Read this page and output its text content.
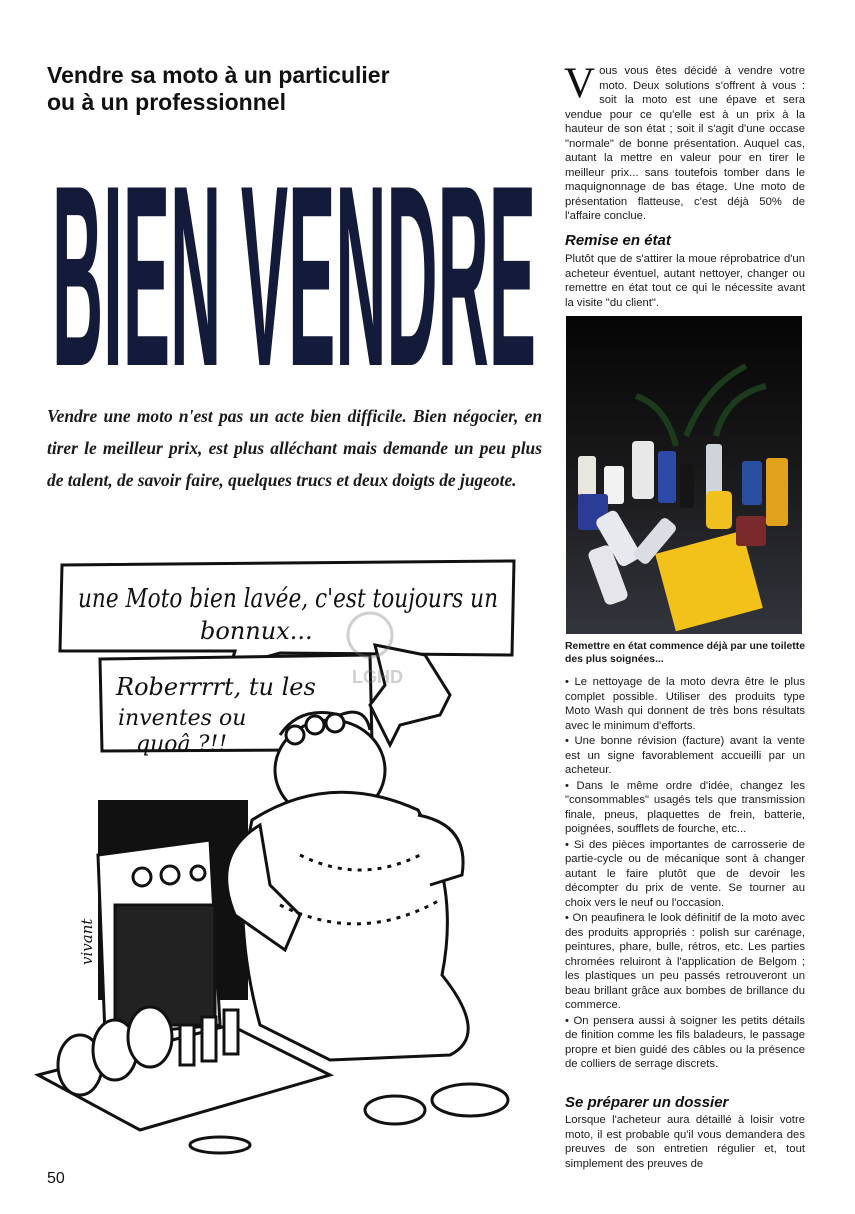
Vendre sa moto à un particulier
ou à un professionnel
BIEN VENDRE
Vendre une moto n'est pas un acte bien difficile. Bien négocier, en tirer le meilleur prix, est plus alléchant mais demande un peu plus de talent, de savoir faire, quelques trucs et deux doigts de jugeote.
une Moto bien lavée, c'est toujours un
bonnux...
Roberrrrt, tu les
inventes ou
quoâ ?!!
LGHD
vivant
50
V ous vous êtes décidé à vendre votre moto. Deux solutions s'offrent à vous : soit la moto est une épave et sera vendue pour ce qu'elle est à un prix à la hauteur de son état ; soit il s'agit d'une occase "normale" de bonne présentation. Auquel cas, autant la mettre en valeur pour en tirer le meilleur prix... sans toutefois tomber dans le maquignonnage de bas étage. Une moto de présentation flatteuse, c'est déjà 50% de l'affaire conclue.
Remise en état
Plutôt que de s'attirer la moue réprobatrice d'un acheteur éventuel, autant nettoyer, changer ou remettre en état tout ce qui le nécessite avant la visite "du client".
Remettre en état commence déjà par une toilette des plus soignées...

• Le nettoyage de la moto devra être le plus complet possible. Utiliser des produits type Moto Wash qui donnent de très bons résultats avec le minimum d'efforts.

• Une bonne révision (facture) avant la vente est un signe favorablement accueilli par un acheteur.

• Dans le même ordre d'idée, changez les "consommables" usagés tels que transmission finale, pneus, plaquettes de frein, batterie, poignées, soufflets de fourche, etc...

• Si des pièces importantes de carrosserie de partie-cycle ou de mécanique sont à changer autant le faire plutôt que de devoir les décompter du prix de vente. Se tourner au choix vers le neuf ou l'occasion.

• On peaufinera le look définitif de la moto avec des produits appropriés : polish sur carénage, peintures, phare, bulle, rétros, etc. Les parties chromées reluiront à l'application de Belgom ; les plastiques un peu passés retrouveront un beau brillant grâce aux bombes de brillance du commerce.

• On pensera aussi à soigner les petits détails de finition comme les fils baladeurs, le passage propre et bien guidé des câbles ou la présence de colliers de serrage discrets.

Se préparer un dossier
Lorsque l'acheteur aura détaillé à loisir votre moto, il est probable qu'il vous demandera des preuves de son entretien régulier et, tout simplement des preuves de
